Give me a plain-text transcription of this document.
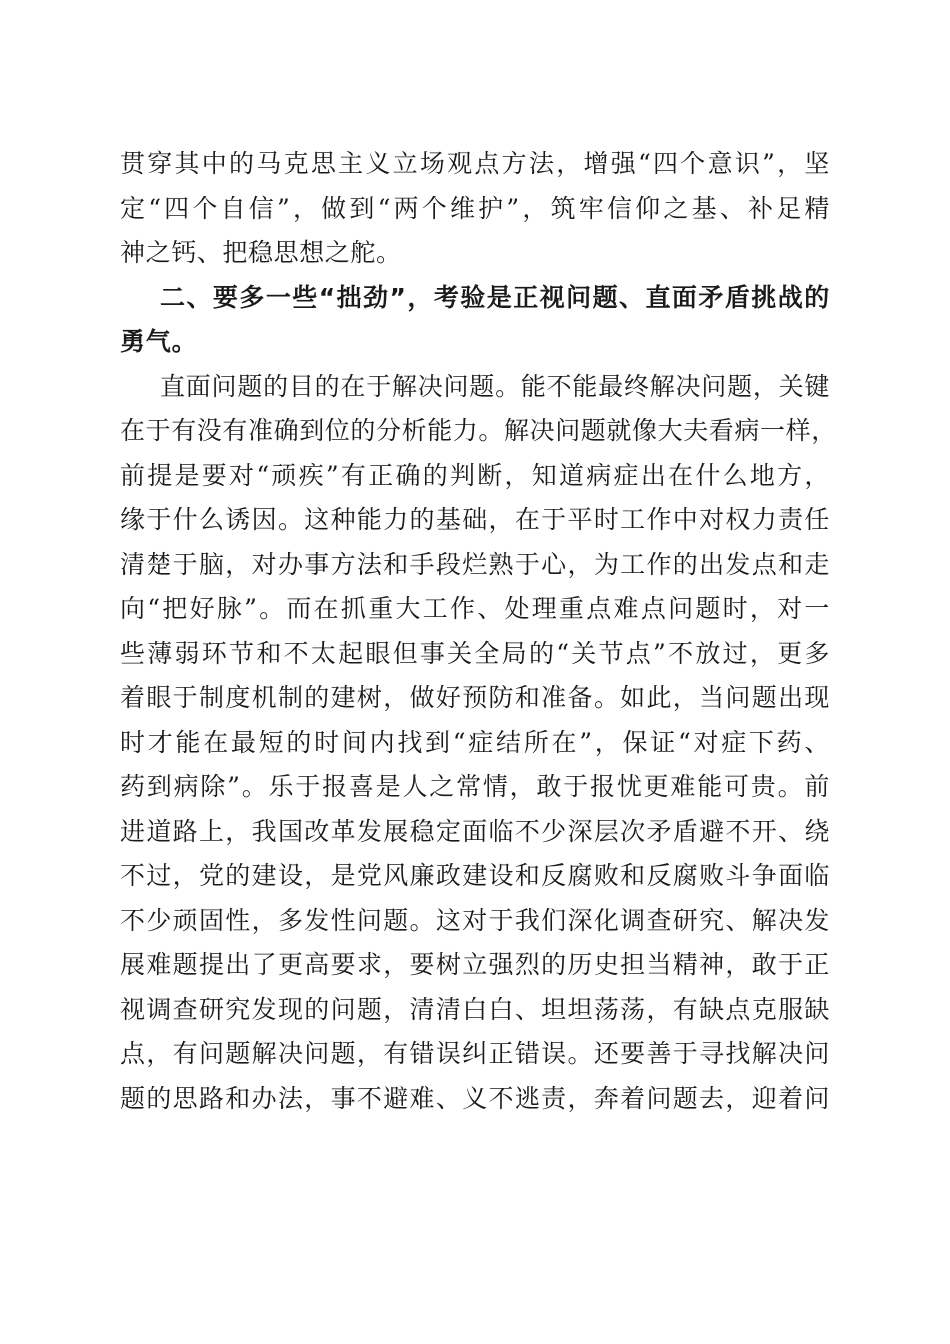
贯穿其中的马克思主义立场观点方法，增强“四个意识”，坚
定“四个自信”，做到“两个维护”，筑牢信仰之基、补足精
神之钙、把稳思想之舵。
二、要多一些“拙劲”，考验是正视问题、直面矛盾挑战的
勇气。
直面问题的目的在于解决问题。能不能最终解决问题，关键
在于有没有准确到位的分析能力。解决问题就像大夫看病一样，
前提是要对“顽疾”有正确的判断，知道病症出在什么地方，
缘于什么诱因。这种能力的基础，在于平时工作中对权力责任
清楚于脑，对办事方法和手段烂熟于心，为工作的出发点和走
向“把好脉”。而在抓重大工作、处理重点难点问题时，对一
些薄弱环节和不太起眼但事关全局的“关节点”不放过，更多
着眼于制度机制的建树，做好预防和准备。如此，当问题出现
时才能在最短的时间内找到“症结所在”，保证“对症下药、
药到病除”。乐于报喜是人之常情，敢于报忧更难能可贵。前
进道路上，我国改革发展稳定面临不少深层次矛盾避不开、绕
不过，党的建设，是党风廉政建设和反腐败和反腐败斗争面临
不少顽固性，多发性问题。这对于我们深化调查研究、解决发
展难题提出了更高要求，要树立强烈的历史担当精神，敢于正
视调查研究发现的问题，清清白白、坦坦荡荡，有缺点克服缺
点，有问题解决问题，有错误纠正错误。还要善于寻找解决问
题的思路和办法，事不避难、义不逃责，奔着问题去，迎着问
